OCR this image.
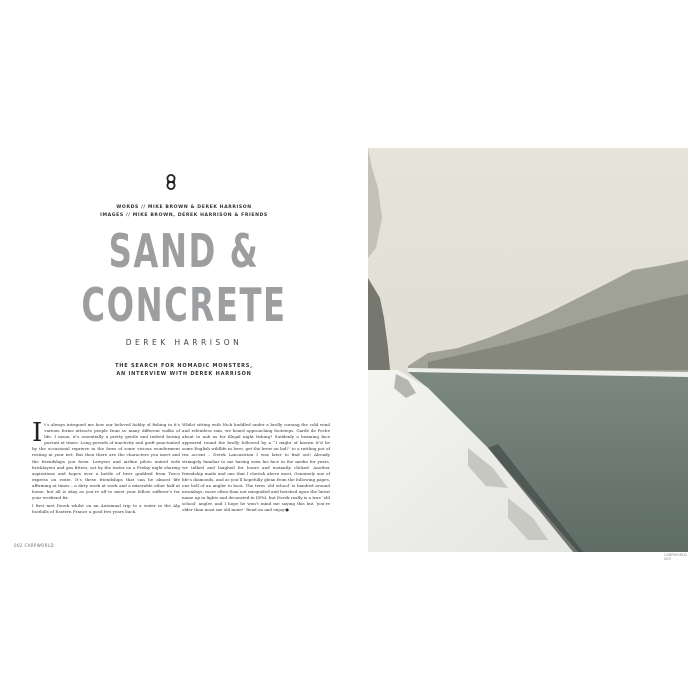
WORDS // MIKE BROWN & DEREK HARRISON
IMAGES // MIKE BROWN, DEREK HARRISON & FRIENDS
SAND &
CONCRETE
DEREK HARRISON
THE SEARCH FOR NOMADIC MONSTERS,
AN INTERVIEW WITH DEREK HARRISON
I t’s always intrigued me how our beloved hobby of fishing in it’s various forms attracts people from so many different walks of life. I mean, it’s essentially a pretty gentle and indeed boring pursuit at times. Long periods of inactivity and graft punctuated by the occasional reprieve in the form of some vicious wonderment resting in your net. But then there are the characters you meet and the friendships you form. Lawyers and airline pilots united with bricklayers and gas fitters, sat by the water on a Friday night sharing aspirations and hopes over a bottle of beer grabbed from Tesco express on route. It’s these friendships that can be almost life affirming at times – a dirty week at work and a miserable other half at home, but all is okay as you’re off to meet your fellow sufferer’s for your weekend fix.

I first met Derek whilst on an Autumnal trip to a water in the Alp foothills of Eastern France a good few years back.

Whilst sitting with Nick huddled under a brolly cursing the cold wind and relentless rain, we heard approaching footsteps. Gardé de Peche about to nab us for illegal night fishing? Suddenly a beaming face appeared round the brolly followed by a “I might of known it’d be some English wildlife in here, get the brew on lad!” to a rattling pot of tea accent – Derek Lancastrian I was later to find out! Already strangely familiar to me having seen his face in the media for years, we talked and laughed for hours and instantly clicked. Another friendship made and one that I cherish above most. Genuinely one of life’s diamonds, and as you’ll hopefully glean from the following pages, one hell of an angler to boot. The term ‘old school’ is bandied around nowadays, more often than not misguided and lavished upon the latest name up in lights and decorated in DPM, but Derek really is a true ‘old school’ angler, and I hope he won’t mind me saying this but ‘you’re older than most me old mate!’ Read on and enjoy.●

002 CARPWORLD
CARPWORLD 003
